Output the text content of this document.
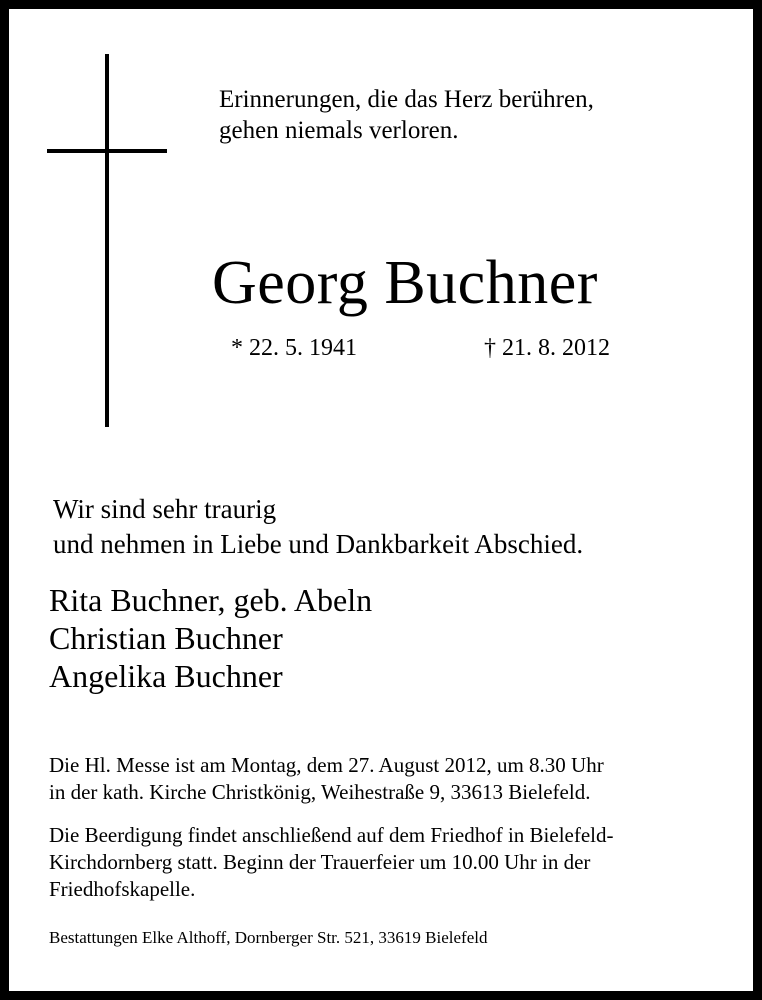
Erinnerungen, die das Herz berühren,
gehen niemals verloren.
Georg Buchner
* 22. 5. 1941	† 21. 8. 2012
Wir sind sehr traurig
und nehmen in Liebe und Dankbarkeit Abschied.
Rita Buchner, geb. Abeln
Christian Buchner
Angelika Buchner
Die Hl. Messe ist am Montag, dem 27. August 2012, um 8.30 Uhr
in der kath. Kirche Christkönig, Weihestraße 9, 33613 Bielefeld.
Die Beerdigung findet anschließend auf dem Friedhof in Bielefeld-
Kirchdornberg statt. Beginn der Trauerfeier um 10.00 Uhr in der
Friedhofskapelle.
Bestattungen Elke Althoff, Dornberger Str. 521, 33619 Bielefeld
